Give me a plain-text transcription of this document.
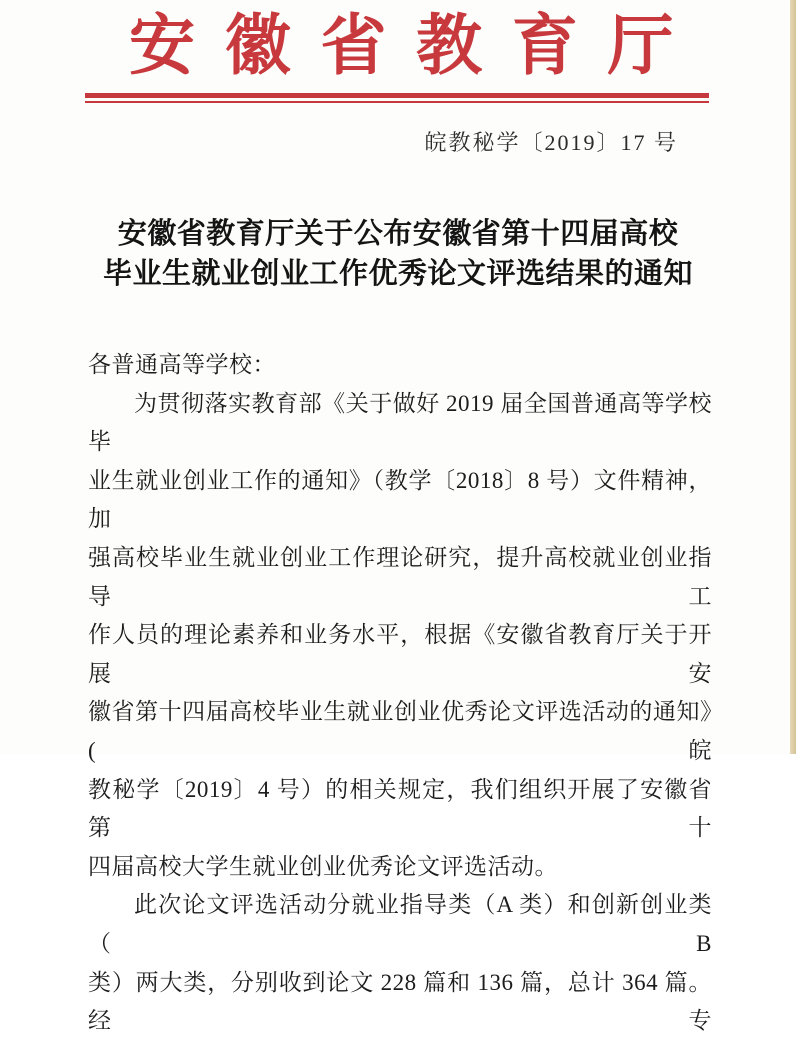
安徽省教育厅
皖教秘学〔2019〕17 号
安徽省教育厅关于公布安徽省第十四届高校
毕业生就业创业工作优秀论文评选结果的通知
各普通高等学校：
为贯彻落实教育部《关于做好 2019 届全国普通高等学校毕
业生就业创业工作的通知》（教学〔2018〕8 号）文件精神，加
强高校毕业生就业创业工作理论研究，提升高校就业创业指导工
作人员的理论素养和业务水平，根据《安徽省教育厅关于开展安
徽省第十四届高校毕业生就业创业优秀论文评选活动的通知》(皖
教秘学〔2019〕4 号）的相关规定，我们组织开展了安徽省第十
四届高校大学生就业创业优秀论文评选活动。
此次论文评选活动分就业指导类（A 类）和创新创业类（B
类）两大类，分别收到论文 228 篇和 136 篇，总计 364 篇。经专
